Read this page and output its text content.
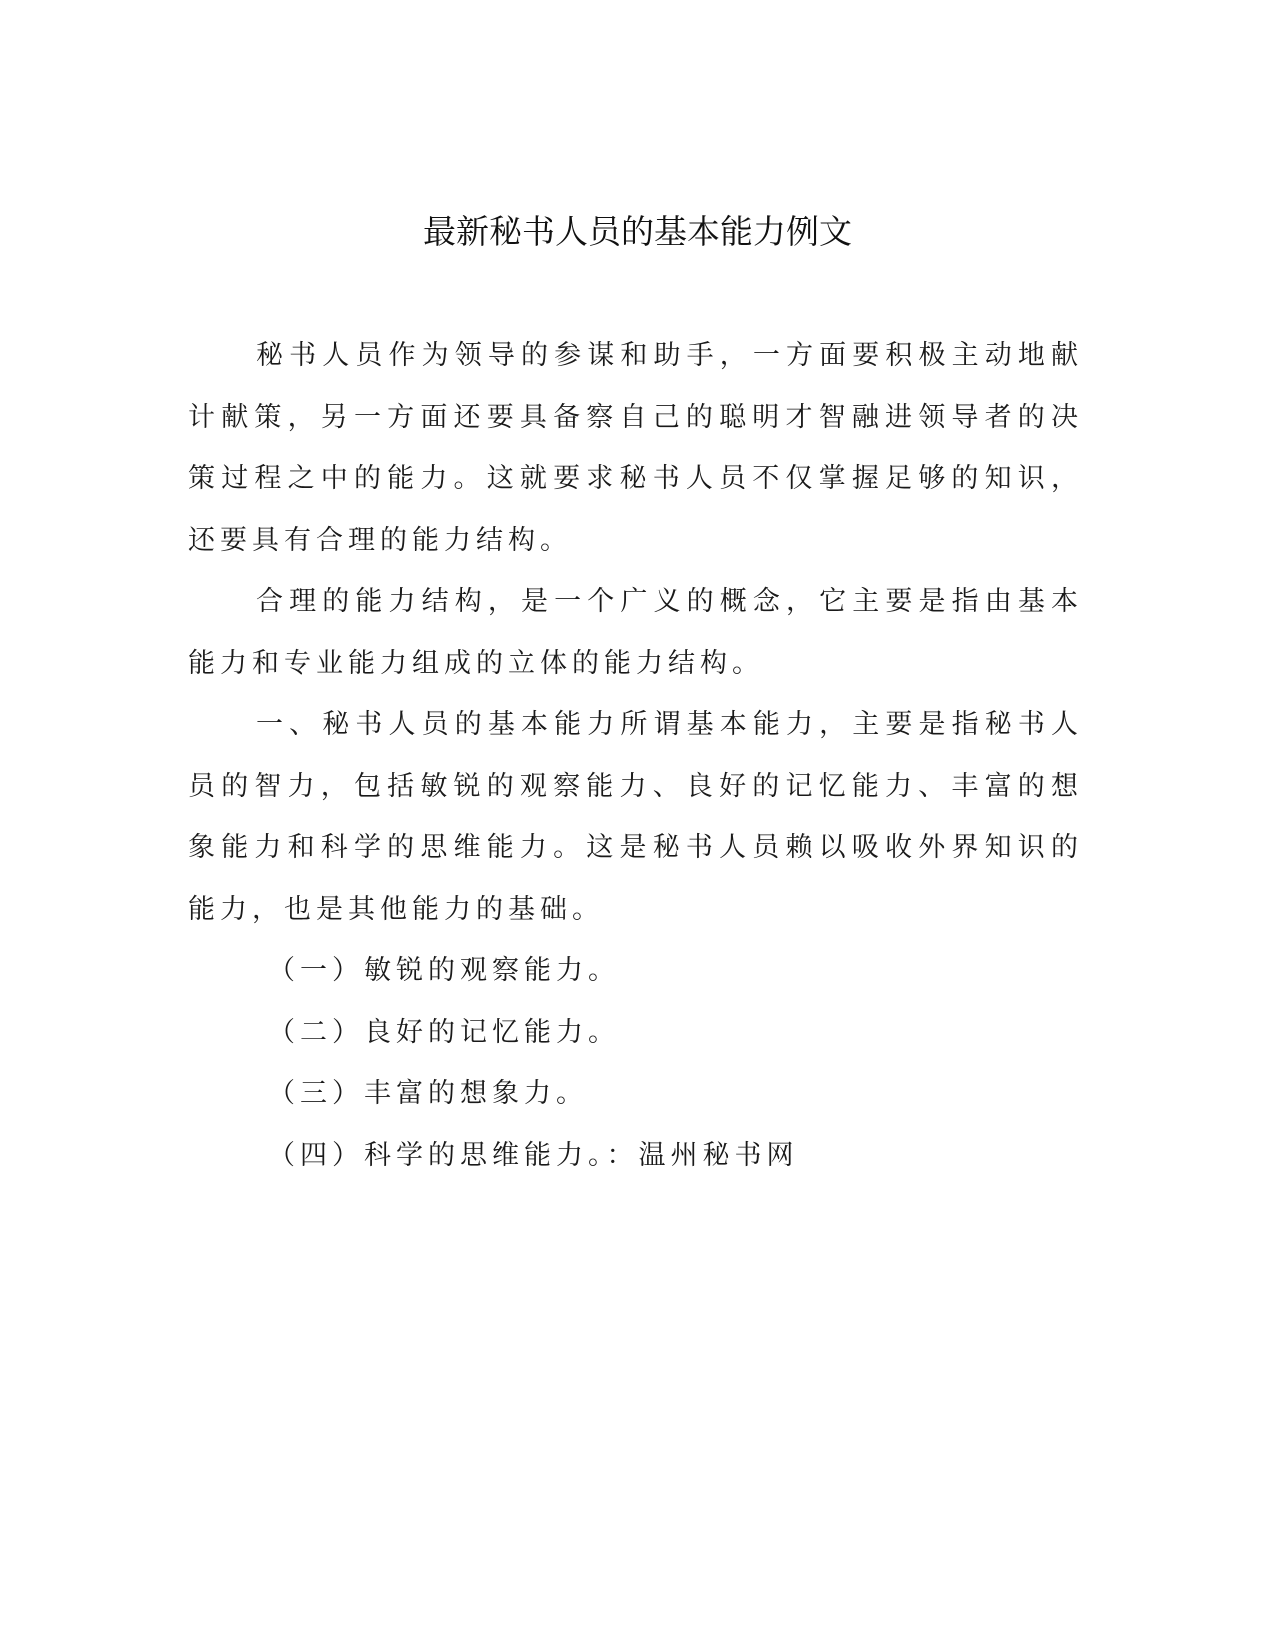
最新秘书人员的基本能力例文

秘书人员作为领导的参谋和助手，一方面要积极主动地献计献策，另一方面还要具备察自己的聪明才智融进领导者的决策过程之中的能力。这就要求秘书人员不仅掌握足够的知识，还要具有合理的能力结构。

合理的能力结构，是一个广义的概念，它主要是指由基本能力和专业能力组成的立体的能力结构。

一、秘书人员的基本能力所谓基本能力，主要是指秘书人员的智力，包括敏锐的观察能力、良好的记忆能力、丰富的想象能力和科学的思维能力。这是秘书人员赖以吸收外界知识的能力，也是其他能力的基础。

（一）敏锐的观察能力。

（二）良好的记忆能力。

（三）丰富的想象力。

（四）科学的思维能力。：温州秘书网
